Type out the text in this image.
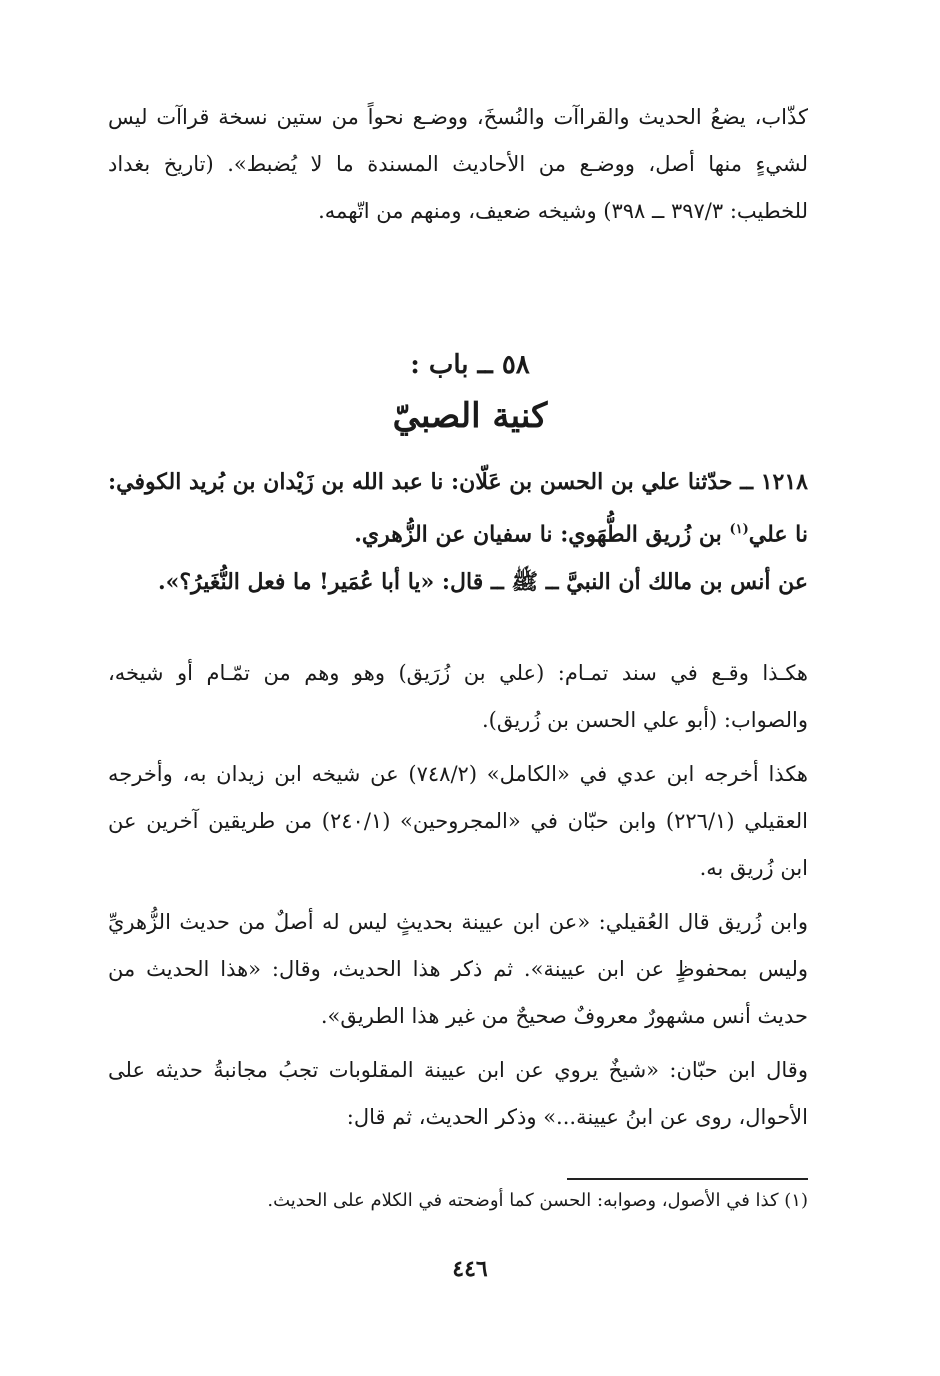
كذّاب، يضعُ الحديث والقراآت والنُسخَ، ووضـع نحواً من ستين نسخة قراآت ليس لشيءٍ منها أصل، ووضـع من الأحاديث المسندة ما لا يُضبط». (تاريخ بغداد للخطيب: ٣٩٧/٣ ــ ٣٩٨) وشيخه ضعيف، ومنهم من اتّهمه.

٥٨ ــ باب :

كنية الصبيّ

١٢١٨ ــ حدّثنا علي بن الحسن بن عَلّان: نا عبد الله بن زَيْدان بن بُريد الكوفي: نا علي$^{(١)}$ بن زُريق الطُّهَوي: نا سفيان عن الزُّهري.

عن أنس بن مالك أن النبيَّ ــ ﷺ ــ قال: «يا أبا عُمَير! ما فعل النُّغَيرُ؟».

هكـذا وقـع في سند تمـام: (علي بن زُرَيق) وهو وهم من تمّـام أو شيخه، والصواب: (أبو علي الحسن بن زُريق).

هكذا أخرجه ابن عدي في «الكامل» (٧٤٨/٢) عن شيخه ابن زيدان به، وأخرجه العقيلي (٢٢٦/١) وابن حبّان في «المجروحين» (٢٤٠/١) من طريقين آخرين عن ابن زُريق به.

وابن زُريق قال العُقيلي: «عن ابن عيينة بحديثٍ ليس له أصلٌ من حديث الزُّهريِّ وليس بمحفوظٍ عن ابن عيينة». ثم ذكر هذا الحديث، وقال: «هذا الحديث من حديث أنس مشهورٌ معروفٌ صحيحٌ من غير هذا الطريق».

وقال ابن حبّان: «شيخٌ يروي عن ابن عيينة المقلوبات تجبُ مجانبةُ حديثه على الأحوال، روى عن ابنُ عيينة...» وذكر الحديث، ثم قال:

(١) كذا في الأصول، وصوابه: الحسن كما أوضحته في الكلام على الحديث.

٤٤٦
